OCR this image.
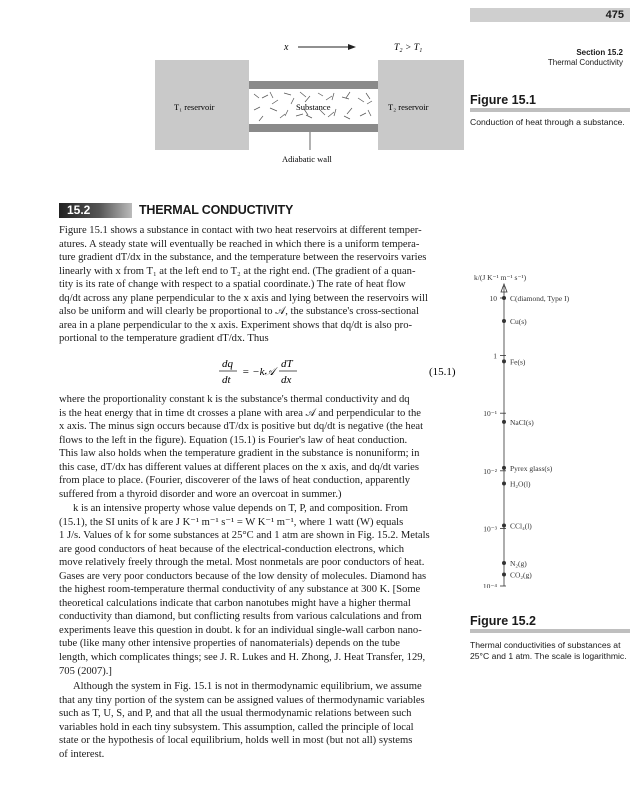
475
Section 15.2
Thermal Conductivity
x	T₂ > T₁
Substance
T₁ reservoir	T₂ reservoir
Adiabatic wall
Figure 15.1
Conduction of heat through a substance.
15.2	THERMAL CONDUCTIVITY
Figure 15.1 shows a substance in contact with two heat reservoirs at different temper-
atures. A steady state will eventually be reached in which there is a uniform tempera-
ture gradient dT/dx in the substance, and the temperature between the reservoirs varies
linearly with x from T₁ at the left end to T₂ at the right end. (The gradient of a quan-
tity is its rate of change with respect to a spatial coordinate.) The rate of heat flow
dq/dt across any plane perpendicular to the x axis and lying between the reservoirs will
also be uniform and will clearly be proportional to 𝒜, the substance's cross-sectional
area in a plane perpendicular to the x axis. Experiment shows that dq/dt is also pro-
portional to the temperature gradient dT/dx. Thus
dq
dt
= −k𝒜
dT
dx
(15.1)
where the proportionality constant k is the substance's thermal conductivity and dq
is the heat energy that in time dt crosses a plane with area 𝒜 and perpendicular to the
x axis. The minus sign occurs because dT/dx is positive but dq/dt is negative (the heat
flows to the left in the figure). Equation (15.1) is Fourier's law of heat conduction.
This law also holds when the temperature gradient in the substance is nonuniform; in
this case, dT/dx has different values at different places on the x axis, and dq/dt varies
from place to place. (Fourier, discoverer of the laws of heat conduction, apparently
suffered from a thyroid disorder and wore an overcoat in summer.)
k is an intensive property whose value depends on T, P, and composition. From
(15.1), the SI units of k are J K⁻¹ m⁻¹ s⁻¹ = W K⁻¹ m⁻¹, where 1 watt (W) equals
1 J/s. Values of k for some substances at 25°C and 1 atm are shown in Fig. 15.2. Metals
are good conductors of heat because of the electrical-conduction electrons, which
move relatively freely through the metal. Most nonmetals are poor conductors of heat.
Gases are very poor conductors because of the low density of molecules. Diamond has
the highest room-temperature thermal conductivity of any substance at 300 K. [Some
theoretical calculations indicate that carbon nanotubes might have a higher thermal
conductivity than diamond, but conflicting results from various calculations and from
experiments leave this question in doubt. k for an individual single-wall carbon nano-
tube (like many other intensive properties of nanomaterials) depends on the tube
length, which complicates things; see J. R. Lukes and H. Zhong, J. Heat Transfer, 129,
705 (2007).]
Although the system in Fig. 15.1 is not in thermodynamic equilibrium, we assume
that any tiny portion of the system can be assigned values of thermodynamic variables
such as T, U, S, and P, and that all the usual thermodynamic relations between such
variables hold in each tiny subsystem. This assumption, called the principle of local
state or the hypothesis of local equilibrium, holds well in most (but not all) systems
of interest.
k/(J K⁻¹ m⁻¹ s⁻¹)
10
1
10⁻¹
10⁻²
10⁻³
10⁻⁴
C(diamond, Type I)
Cu(s)
Fe(s)
NaCl(s)
Pyrex glass(s)
H₂O(l)
CCl₄(l)
N₂(g)
CO₂(g)
Figure 15.2
Thermal conductivities of substances at 25°C and 1 atm. The scale is logarithmic.
